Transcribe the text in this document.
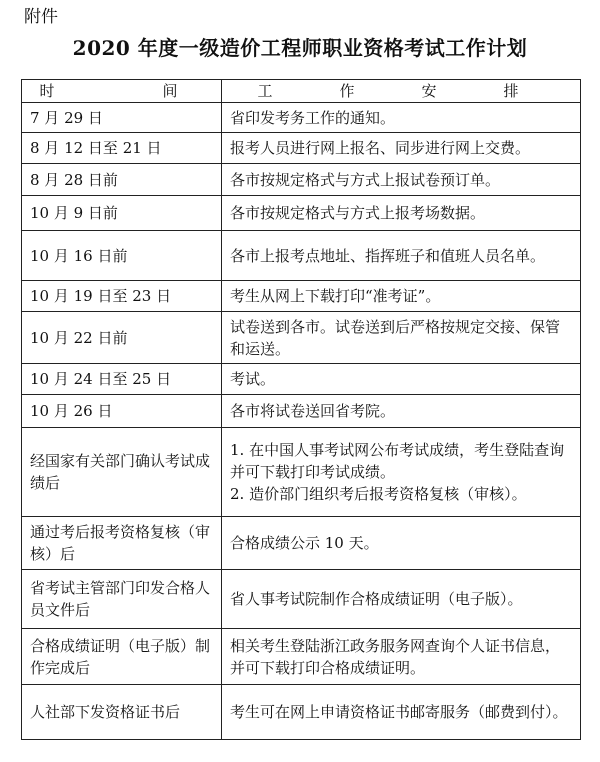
附件
2020 年度一级造价工程师职业资格考试工作计划
时　　间	工　作　安　排
7 月 29 日	省印发考务工作的通知。
8 月 12 日至 21 日	报考人员进行网上报名、同步进行网上交费。
8 月 28 日前	各市按规定格式与方式上报试卷预订单。
10 月 9 日前	各市按规定格式与方式上报考场数据。
10 月 16 日前	各市上报考点地址、指挥班子和值班人员名单。
10 月 19 日至 23 日	考生从网上下载打印“准考证”。
10 月 22 日前	试卷送到各市。试卷送到后严格按规定交接、保管和运送。
10 月 24 日至 25 日	考试。
10 月 26 日	各市将试卷送回省考院。
经国家有关部门确认考试成绩后	1. 在中国人事考试网公布考试成绩，考生登陆查询并可下载打印考试成绩。
2. 造价部门组织考后报考资格复核（审核）。

通过考后报考资格复核（审核）后	合格成绩公示 10 天。
省考试主管部门印发合格人员文件后	省人事考试院制作合格成绩证明（电子版）。
合格成绩证明（电子版）制作完成后	相关考生登陆浙江政务服务网查询个人证书信息，并可下载打印合格成绩证明。
人社部下发资格证书后	考生可在网上申请资格证书邮寄服务（邮费到付）。
